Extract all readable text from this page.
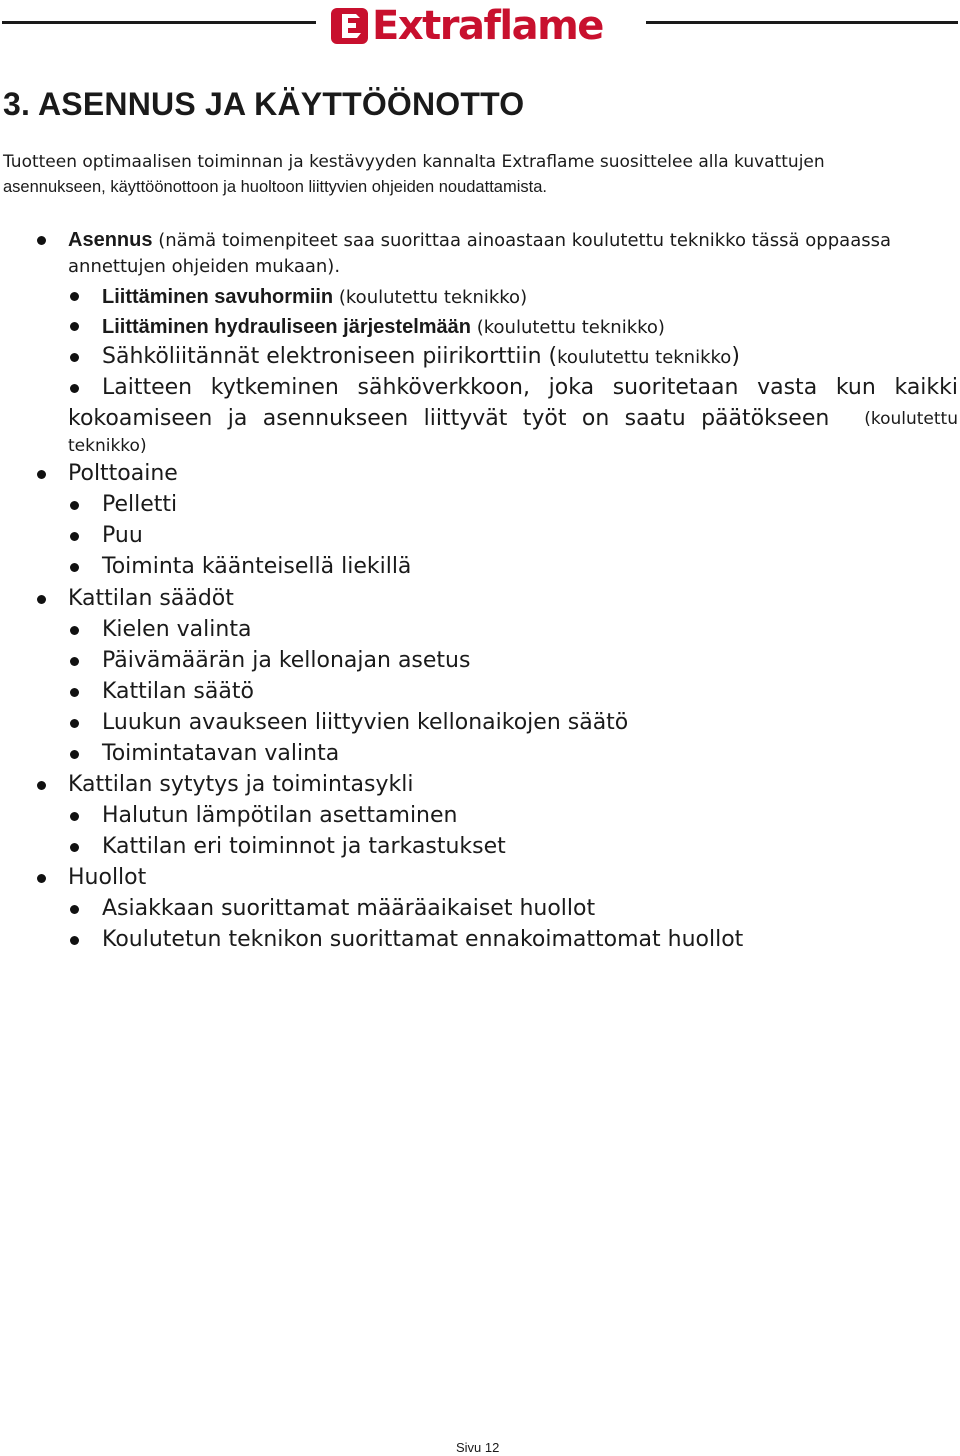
Extraflame
3. ASENNUS JA KÄYTTÖÖNOTTO

Tuotteen optimaalisen toiminnan ja kestävyyden kannalta Extraflame suosittelee alla kuvattujen
asennukseen, käyttöönottoon ja huoltoon liittyvien ohjeiden noudattamista.

Asennus (nämä toimenpiteet saa suorittaa ainoastaan koulutettu teknikko tässä oppaassa
annettujen ohjeiden mukaan).
Liittäminen savuhormiin (koulutettu teknikko)
Liittäminen hydrauliseen järjestelmään (koulutettu teknikko)
Sähköliitännät elektroniseen piirikorttiin (koulutettu teknikko)
Laitteen kytkeminen sähköverkkoon, joka suoritetaan vasta kun kaikki
kokoamiseen ja asennukseen liittyvät työt on saatu päätökseen (koulutettu
teknikko)
Polttoaine
Pelletti
Puu
Toiminta käänteisellä liekillä
Kattilan säädöt
Kielen valinta
Päivämäärän ja kellonajan asetus
Kattilan säätö
Luukun avaukseen liittyvien kellonaikojen säätö
Toimintatavan valinta
Kattilan sytytys ja toimintasykli
Halutun lämpötilan asettaminen
Kattilan eri toiminnot ja tarkastukset
Huollot
Asiakkaan suorittamat määräaikaiset huollot
Koulutetun teknikon suorittamat ennakoimattomat huollot
Sivu 12
